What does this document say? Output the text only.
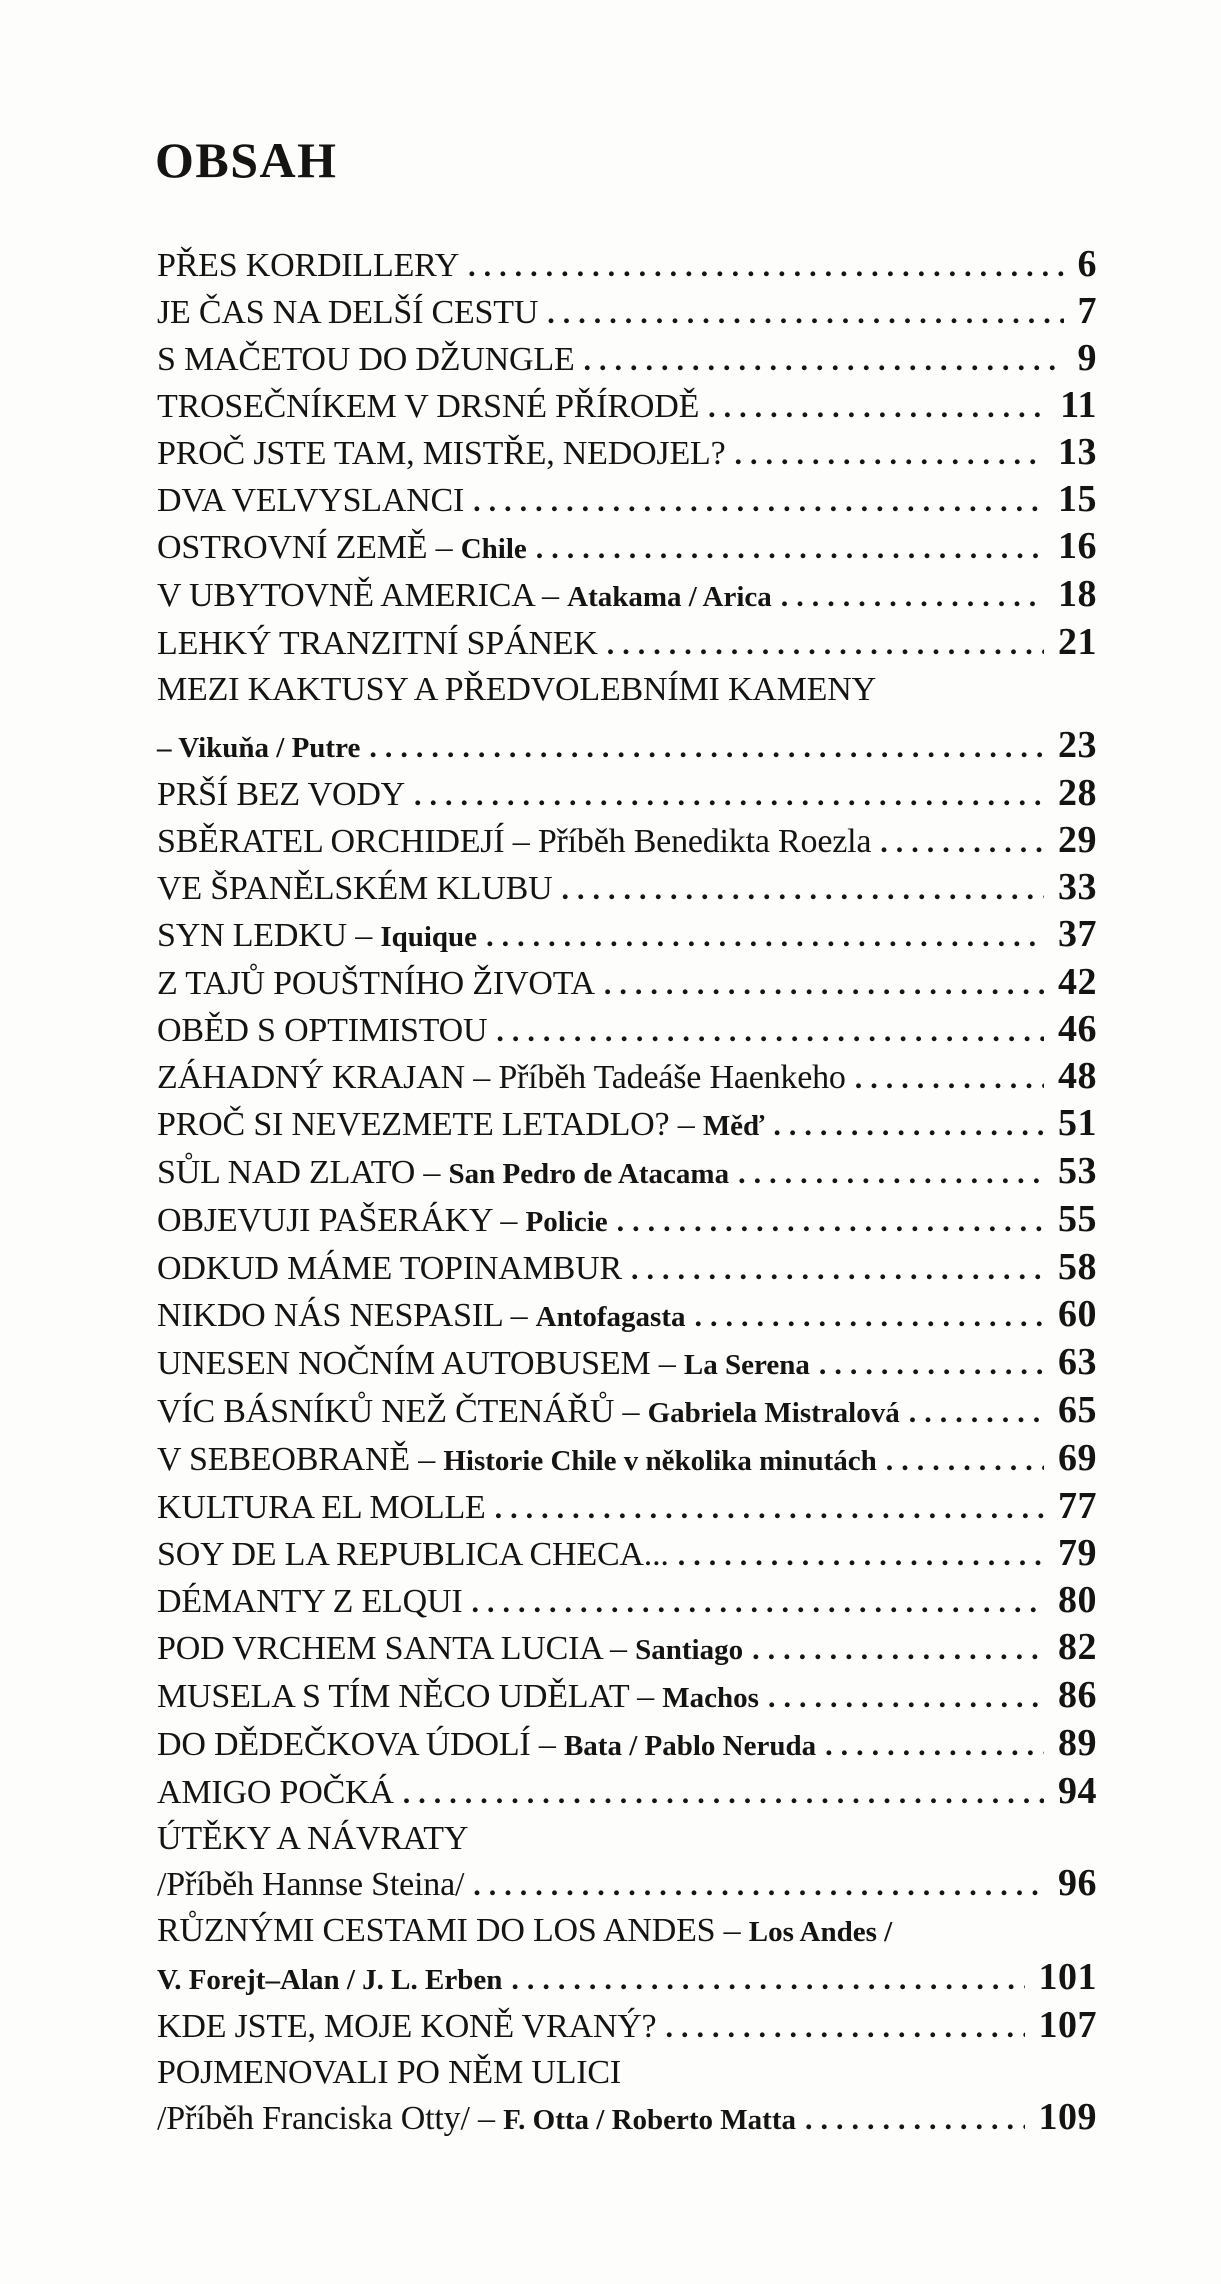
OBSAH
PŘES KORDILLERY .....	6
JE ČAS NA DELŠÍ CESTU .....	7
S MAČETOU DO DŽUNGLE .....	9
TROSEČNÍKEM V DRSNÉ PŘÍRODĚ .....	11
PROČ JSTE TAM, MISTŘE, NEDOJEL? .....	13
DVA VELVYSLANCI .....	15
OSTROVNÍ ZEMĚ – Chile .....	16
V UBYTOVNĚ AMERICA – Atakama / Arica .....	18
LEHKÝ TRANZITNÍ SPÁNEK .....	21
MEZI KAKTUSY A PŘEDVOLEBNÍMI KAMENY
– Vikuňa / Putre .....	23
PRŠÍ BEZ VODY .....	28
SBĚRATEL ORCHIDEJÍ – Příběh Benedikta Roezla .....	29
VE ŠPANĚLSKÉM KLUBU .....	33
SYN LEDKU – Iquique .....	37
Z TAJŮ POUŠTNÍHO ŽIVOTA .....	42
OBĚD S OPTIMISTOU .....	46
ZÁHADNÝ KRAJAN – Příběh Tadeáše Haenkeho .....	48
PROČ SI NEVEZMETE LETADLO? – Měď .....	51
SŮL NAD ZLATO – San Pedro de Atacama .....	53
OBJEVUJI PAŠERÁKY – Policie .....	55
ODKUD MÁME TOPINAMBUR .....	58
NIKDO NÁS NESPASIL – Antofagasta .....	60
UNESEN NOČNÍM AUTOBUSEM – La Serena .....	63
VÍC BÁSNÍKŮ NEŽ ČTENÁŘŮ – Gabriela Mistralová .....	65
V SEBEOBRANĚ – Historie Chile v několika minutách .....	69
KULTURA EL MOLLE .....	77
SOY DE LA REPUBLICA CHECA... .....	79
DÉMANTY Z ELQUI .....	80
POD VRCHEM SANTA LUCIA – Santiago .....	82
MUSELA S TÍM NĚCO UDĚLAT – Machos .....	86
DO DĚDEČKOVA ÚDOLÍ – Bata / Pablo Neruda .....	89
AMIGO POČKÁ .....	94
ÚTĚKY A NÁVRATY
/Příběh Hannse Steina/ .....	96
RŮZNÝMI CESTAMI DO LOS ANDES – Los Andes /
V. Forejt–Alan / J. L. Erben .....	101
KDE JSTE, MOJE KONĚ VRANÝ? .....	107
POJMENOVALI PO NĚM ULICI
/Příběh Franciska Otty/ – F. Otta / Roberto Matta .....	109
